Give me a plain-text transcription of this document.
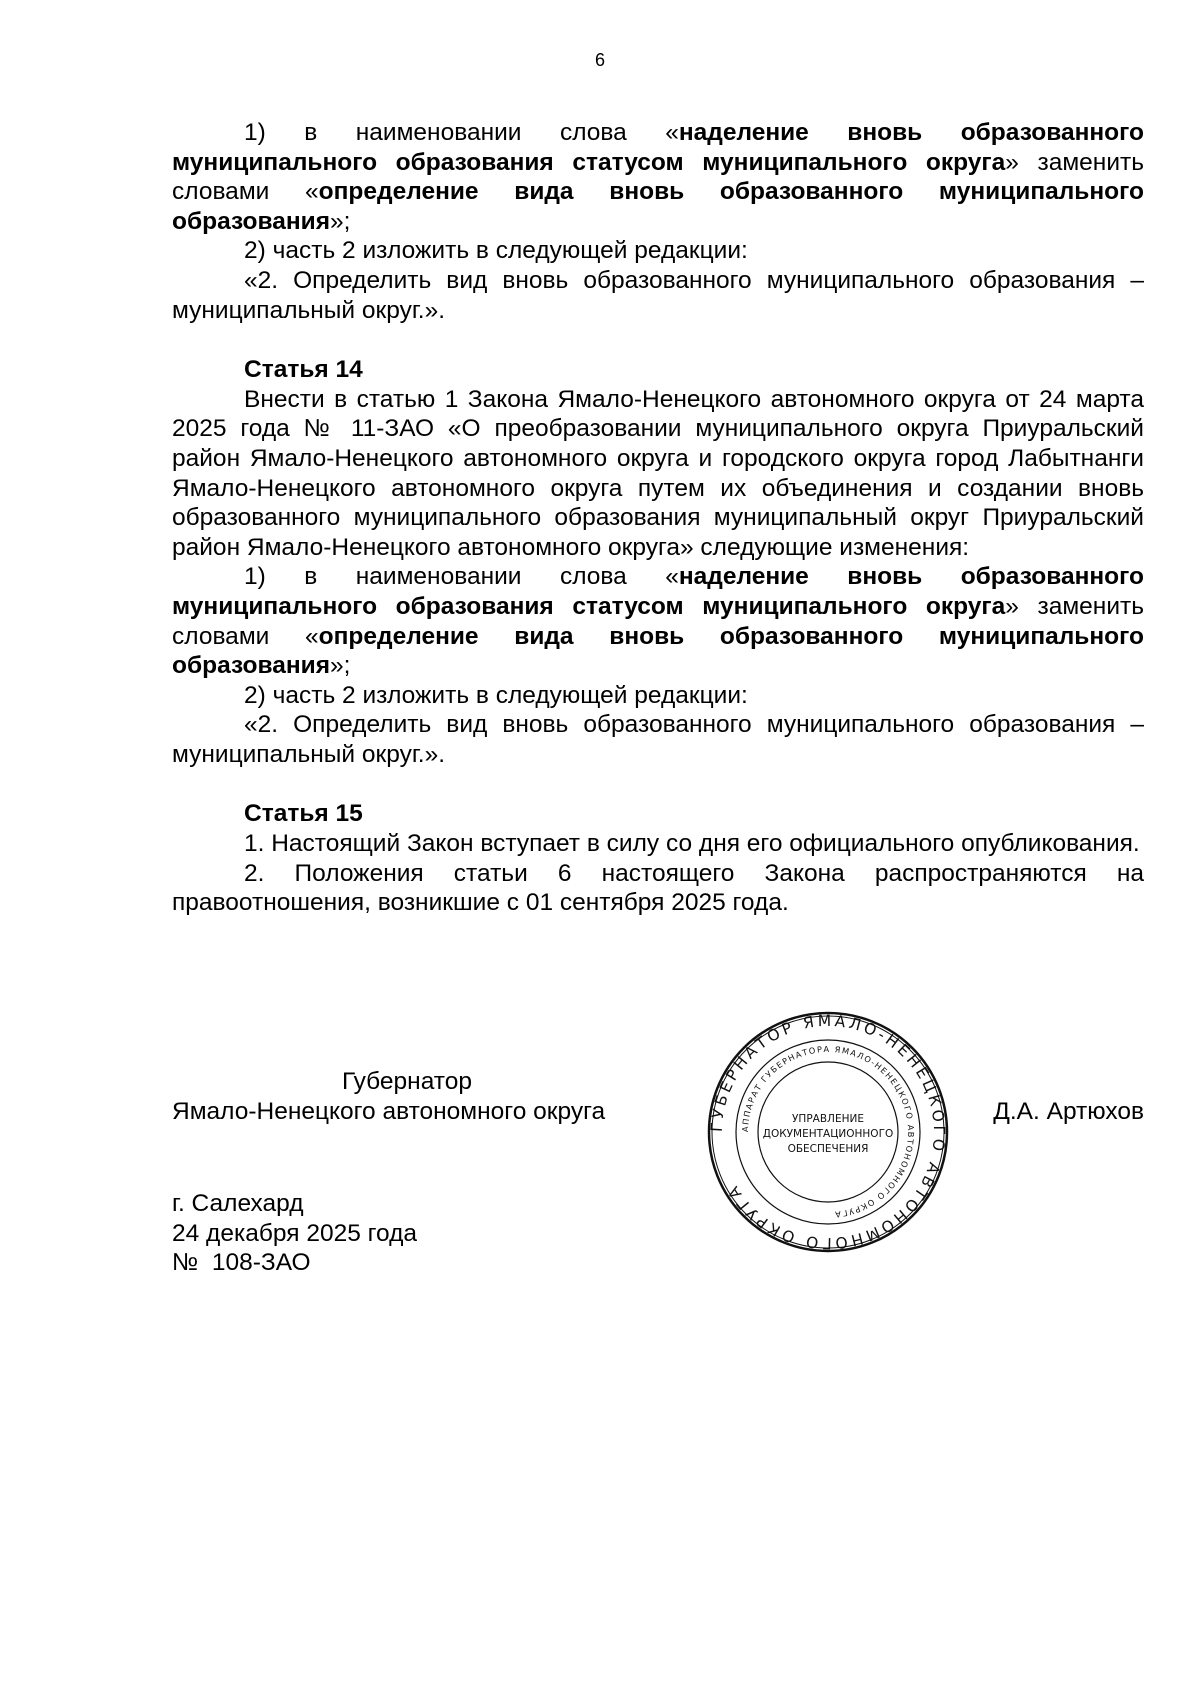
6

1) в наименовании слова «наделение вновь образованного муниципального образования статусом муниципального округа» заменить словами «определение вида вновь образованного муниципального образования»;

2) часть 2 изложить в следующей редакции:

«2. Определить вид вновь образованного муниципального образования – муниципальный округ.».

Статья 14

Внести в статью 1 Закона Ямало-Ненецкого автономного округа от 24 марта 2025 года № 11-ЗАО «О преобразовании муниципального округа Приуральский район Ямало-Ненецкого автономного округа и городского округа город Лабытнанги Ямало-Ненецкого автономного округа путем их объединения и создании вновь образованного муниципального образования муниципальный округ Приуральский район Ямало-Ненецкого автономного округа» следующие изменения:

1) в наименовании слова «наделение вновь образованного муниципального образования статусом муниципального округа» заменить словами «определение вида вновь образованного муниципального образования»;

2) часть 2 изложить в следующей редакции:

«2. Определить вид вновь образованного муниципального образования – муниципальный округ.».

Статья 15

1. Настоящий Закон вступает в силу со дня его официального опубликования.

2. Положения статьи 6 настоящего Закона распространяются на правоотношения, возникшие с 01 сентября 2025 года.

Губернатор
Ямало-Ненецкого автономного округа	Д.А. Артюхов
ГУБЕРНАТОР ЯМАЛО-НЕНЕЦКОГО АВТОНОМНОГО ОКРУГА
АППАРАТ ГУБЕРНАТОРА ЯМАЛО-НЕНЕЦКОГО АВТОНОМНОГО ОКРУГА
УПРАВЛЕНИЕ
ДОКУМЕНТАЦИОННОГО
ОБЕСПЕЧЕНИЯ
г. Салехард
24 декабря 2025 года
№  108-ЗАО
